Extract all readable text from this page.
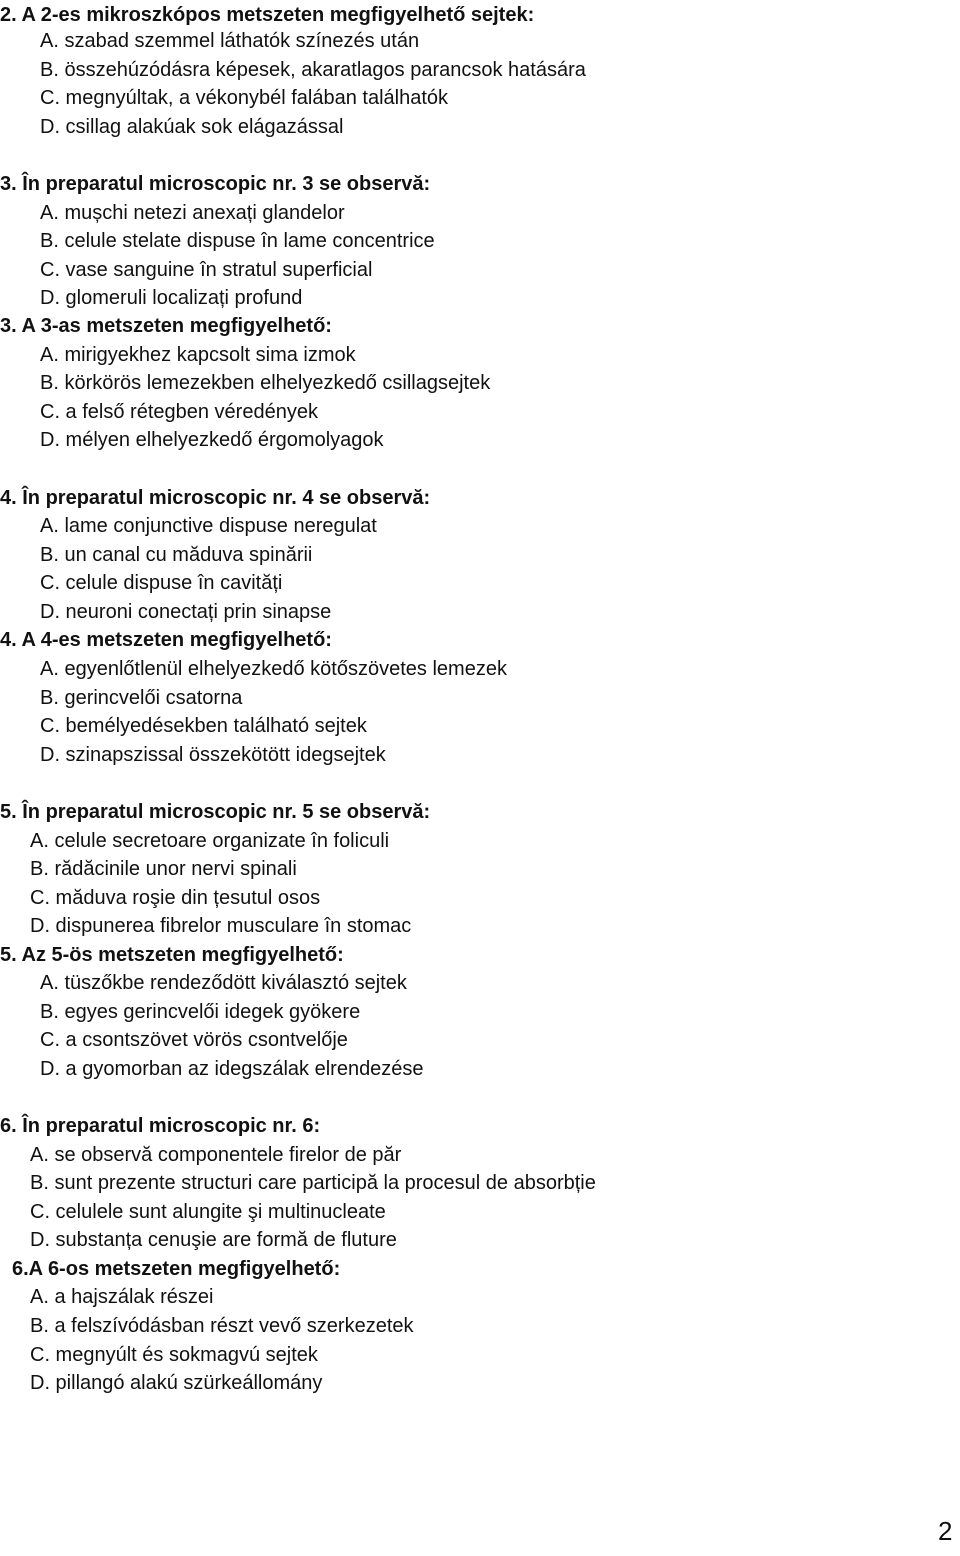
2. A 2-es mikroszkópos metszeten megfigyelhető sejtek:
A. szabad szemmel láthatók színezés után
B. összehúzódásra képesek, akaratlagos parancsok hatására
C. megnyúltak, a vékonybél falában találhatók
D. csillag alakúak sok elágazással
3. În preparatul microscopic nr. 3 se observă:
A. mușchi netezi anexați glandelor
B. celule stelate dispuse în lame concentrice
C. vase sanguine în stratul superficial
D. glomeruli localizați profund
3. A 3-as metszeten megfigyelhető:
A. mirigyekhez kapcsolt sima izmok
B. körkörös lemezekben elhelyezkedő csillagsejtek
C. a felső rétegben véredények
D. mélyen elhelyezkedő érgomolyagok
4. În preparatul microscopic nr. 4 se observă:
A. lame conjunctive dispuse neregulat
B. un canal cu măduva spinării
C. celule dispuse în cavități
D. neuroni conectați prin sinapse
4. A 4-es metszeten megfigyelhető:
A. egyenlőtlenül elhelyezkedő kötőszövetes lemezek
B. gerincvelői csatorna
C. bemélyedésekben található sejtek
D. szinapszissal összekötött idegsejtek
5. În preparatul microscopic nr. 5 se observă:
A. celule secretoare organizate în foliculi
B. rădăcinile unor nervi spinali
C. măduva roşie din țesutul osos
D. dispunerea fibrelor musculare în stomac
5. Az 5-ös metszeten megfigyelhető:
A. tüszőkbe rendeződött kiválasztó sejtek
B. egyes gerincvelői idegek gyökere
C. a csontszövet vörös csontvelője
D. a gyomorban az idegszálak elrendezése
6. În preparatul microscopic nr. 6:
A. se observă componentele firelor de păr
B. sunt prezente structuri care participă la procesul de absorbție
C. celulele sunt alungite şi multinucleate
D. substanța cenuşie are formă de fluture
6.A 6-os metszeten megfigyelhető:
A. a hajszálak részei
B. a felszívódásban részt vevő szerkezetek
C. megnyúlt és sokmagvú sejtek
D. pillangó alakú szürkeállomány
2
